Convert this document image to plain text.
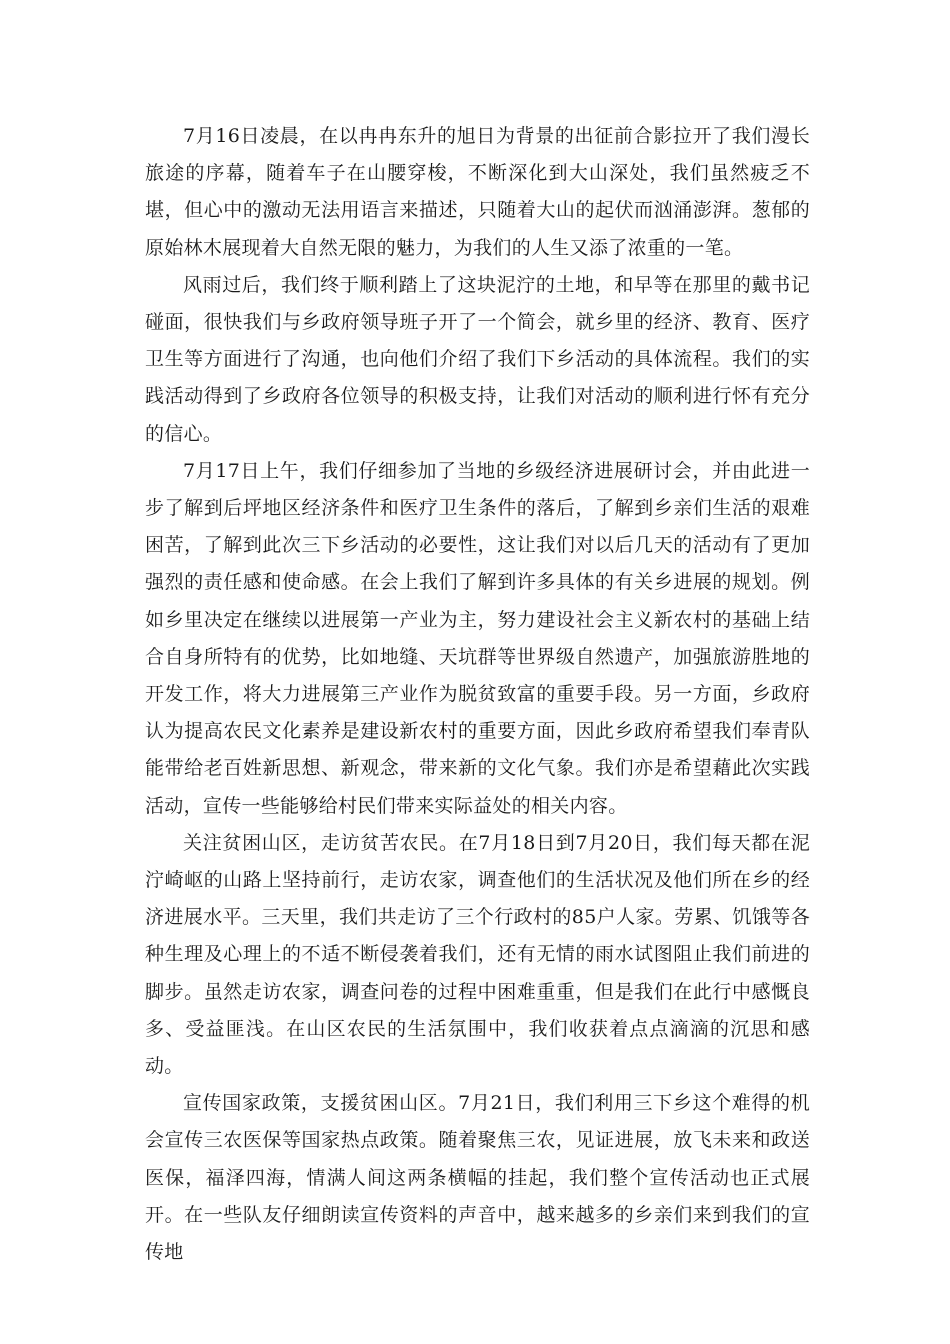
7月16日凌晨，在以冉冉东升的旭日为背景的出征前合影拉开了我们漫长旅途的序幕，随着车子在山腰穿梭，不断深化到大山深处，我们虽然疲乏不堪，但心中的激动无法用语言来描述，只随着大山的起伏而汹涌澎湃。葱郁的原始林木展现着大自然无限的魅力，为我们的人生又添了浓重的一笔。

风雨过后，我们终于顺利踏上了这块泥泞的土地，和早等在那里的戴书记碰面，很快我们与乡政府领导班子开了一个简会，就乡里的经济、教育、医疗卫生等方面进行了沟通，也向他们介绍了我们下乡活动的具体流程。我们的实践活动得到了乡政府各位领导的积极支持，让我们对活动的顺利进行怀有充分的信心。

7月17日上午，我们仔细参加了当地的乡级经济进展研讨会，并由此进一步了解到后坪地区经济条件和医疗卫生条件的落后，了解到乡亲们生活的艰难困苦，了解到此次三下乡活动的必要性，这让我们对以后几天的活动有了更加强烈的责任感和使命感。在会上我们了解到许多具体的有关乡进展的规划。例如乡里决定在继续以进展第一产业为主，努力建设社会主义新农村的基础上结合自身所特有的优势，比如地缝、天坑群等世界级自然遗产，加强旅游胜地的开发工作，将大力进展第三产业作为脱贫致富的重要手段。另一方面，乡政府认为提高农民文化素养是建设新农村的重要方面，因此乡政府希望我们奉青队能带给老百姓新思想、新观念，带来新的文化气象。我们亦是希望藉此次实践活动，宣传一些能够给村民们带来实际益处的相关内容。

关注贫困山区，走访贫苦农民。在7月18日到7月20日，我们每天都在泥泞崎岖的山路上坚持前行，走访农家，调查他们的生活状况及他们所在乡的经济进展水平。三天里，我们共走访了三个行政村的85户人家。劳累、饥饿等各种生理及心理上的不适不断侵袭着我们，还有无情的雨水试图阻止我们前进的脚步。虽然走访农家，调查问卷的过程中困难重重，但是我们在此行中感慨良多、受益匪浅。在山区农民的生活氛围中，我们收获着点点滴滴的沉思和感动。

宣传国家政策，支援贫困山区。7月21日，我们利用三下乡这个难得的机会宣传三农医保等国家热点政策。随着聚焦三农，见证进展，放飞未来和政送医保，福泽四海，情满人间这两条横幅的挂起，我们整个宣传活动也正式展开。在一些队友仔细朗读宣传资料的声音中，越来越多的乡亲们来到我们的宣传地
